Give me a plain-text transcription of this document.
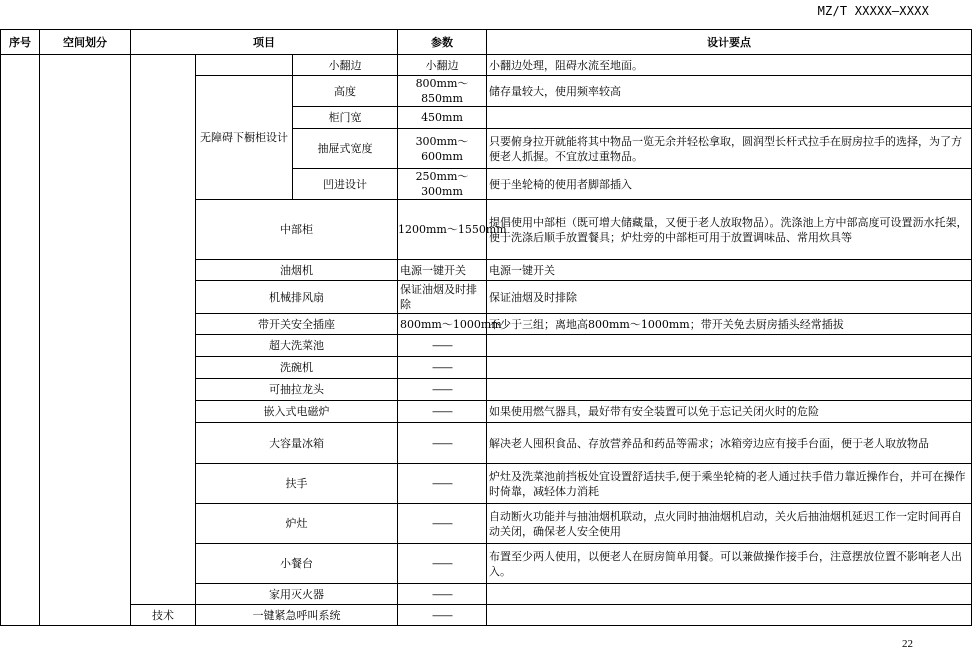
MZ/T XXXXX—XXXX
序号	空间划分	项目			参数	设计要点
				小翻边	小翻边	小翻边处理，阻碍水流至地面。
			无障碍下橱柜设计	高度	800mm～850mm	储存量较大，使用频率较高
				柜门宽	450mm	
				抽屉式宽度	300mm～600mm	只要俯身拉开就能将其中物品一览无余并轻松拿取，圆润型长杆式拉手在厨房拉手的选择，为了方便老人抓握。不宜放过重物品。
				凹进设计	250mm～300mm	便于坐轮椅的使用者脚部插入
			中部柜		1200mm～1550mm	提倡使用中部柜（既可增大储藏量，又便于老人放取物品）。洗涤池上方中部高度可设置沥水托架，便于洗涤后顺手放置餐具；炉灶旁的中部柜可用于放置调味品、常用炊具等
			油烟机		电源一键开关	电源一键开关
			机械排风扇		保证油烟及时排除	保证油烟及时排除
			带开关安全插座		800mm～1000mm	不少于三组；离地高800mm～1000mm；带开关免去厨房插头经常插拔
			超大洗菜池		——	
			洗碗机		——	
			可抽拉龙头		——	
			嵌入式电磁炉		——	如果使用燃气器具，最好带有安全装置可以免于忘记关闭火时的危险
			大容量冰箱		——	解决老人囤积食品、存放营养品和药品等需求；冰箱旁边应有接手台面，便于老人取放物品
			扶手		——	炉灶及洗菜池前挡板处宜设置舒适扶手,便于乘坐轮椅的老人通过扶手借力靠近操作台，并可在操作时倚靠，减轻体力消耗
			炉灶		——	自动断火功能并与抽油烟机联动，点火同时抽油烟机启动，关火后抽油烟机延迟工作一定时间再自动关闭，确保老人安全使用
			小餐台		——	布置至少两人使用，以便老人在厨房简单用餐。可以兼做操作接手台，注意摆放位置不影响老人出入。
			家用灭火器		——	
		技术	一键紧急呼叫系统		——	
22
